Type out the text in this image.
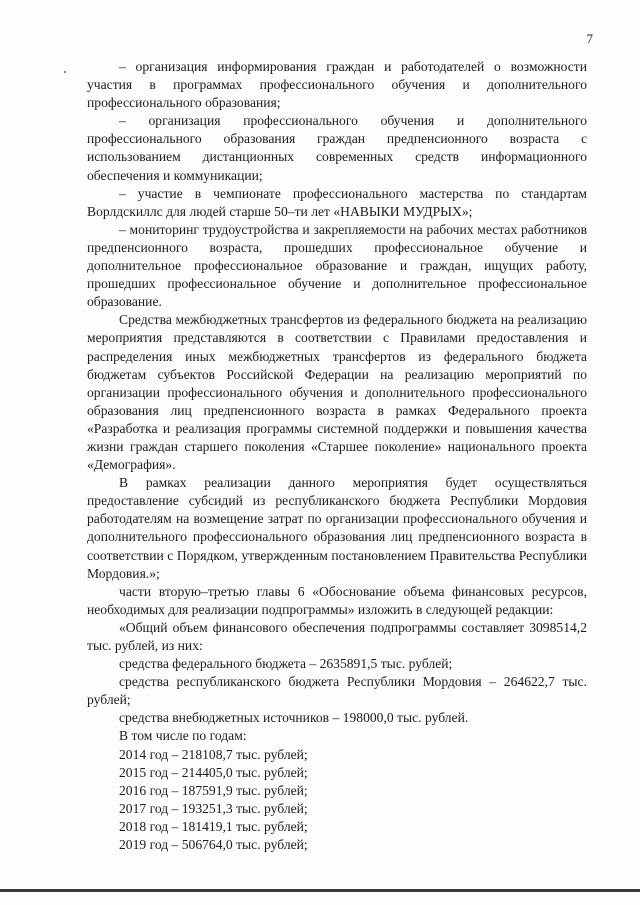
7

– организация информирования граждан и работодателей о возможности участия в программах профессионального обучения и дополнительного профессионального образования;

– организация профессионального обучения и дополнительного профессионального образования граждан предпенсионного возраста с использованием дистанционных современных средств информационного обеспечения и коммуникации;

– участие в чемпионате профессионального мастерства по стандартам Ворлдскиллс для людей старше 50–ти лет «НАВЫКИ МУДРЫХ»;

– мониторинг трудоустройства и закрепляемости на рабочих местах работников предпенсионного возраста, прошедших профессиональное обучение и дополнительное профессиональное образование и граждан, ищущих работу, прошедших профессиональное обучение и дополнительное профессиональное образование.

Средства межбюджетных трансфертов из федерального бюджета на реализацию мероприятия представляются в соответствии с Правилами предоставления и распределения иных межбюджетных трансфертов из федерального бюджета бюджетам субъектов Российской Федерации на реализацию мероприятий по организации профессионального обучения и дополнительного профессионального образования лиц предпенсионного возраста в рамках Федерального проекта «Разработка и реализация программы системной поддержки и повышения качества жизни граждан старшего поколения «Старшее поколение» национального проекта «Демография».

В рамках реализации данного мероприятия будет осуществляться предоставление субсидий из республиканского бюджета Республики Мордовия работодателям на возмещение затрат по организации профессионального обучения и дополнительного профессионального образования лиц предпенсионного возраста в соответствии с Порядком, утвержденным постановлением Правительства Республики Мордовия.»;

части вторую–третью главы 6 «Обоснование объема финансовых ресурсов, необходимых для реализации подпрограммы» изложить в следующей редакции:

«Общий объем финансового обеспечения подпрограммы составляет 3098514,2 тыс. рублей, из них:

средства федерального бюджета – 2635891,5 тыс. рублей;

средства республиканского бюджета Республики Мордовия – 264622,7 тыс. рублей;

средства внебюджетных источников – 198000,0 тыс. рублей.

В том числе по годам:

2014 год – 218108,7 тыс. рублей;

2015 год – 214405,0 тыс. рублей;

2016 год – 187591,9 тыс. рублей;

2017 год – 193251,3 тыс. рублей;

2018 год – 181419,1 тыс. рублей;

2019 год – 506764,0 тыс. рублей;
